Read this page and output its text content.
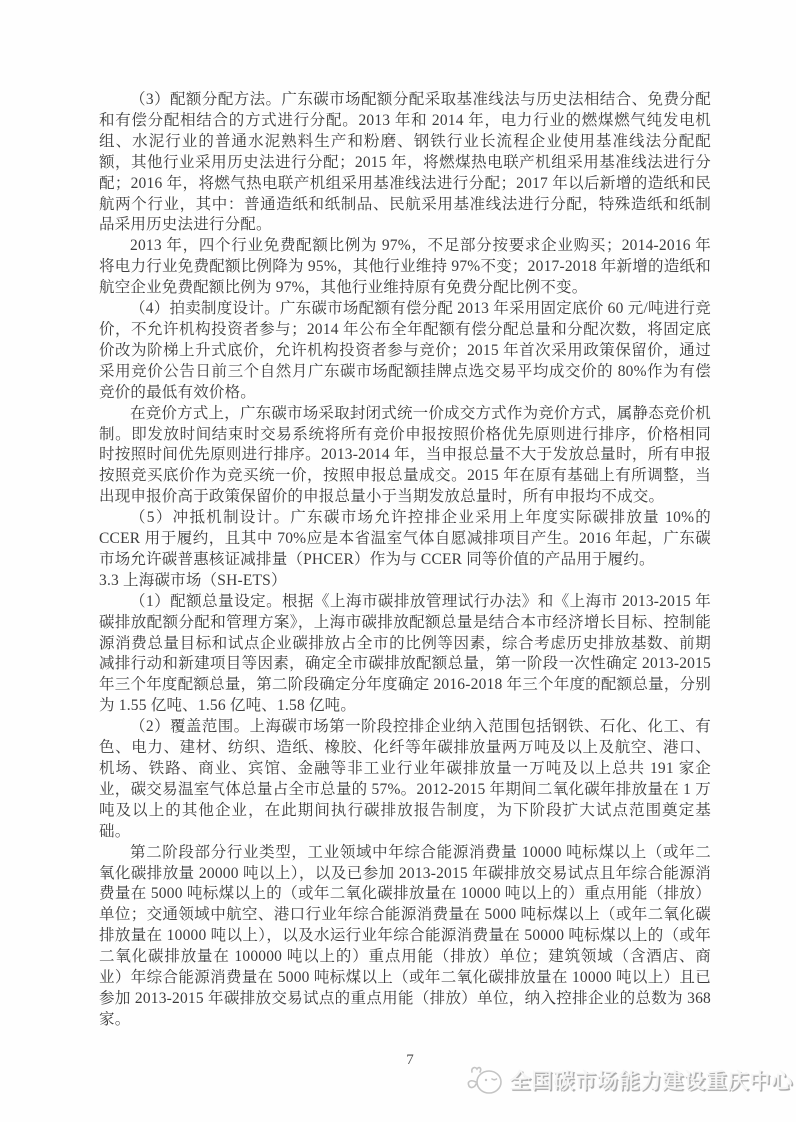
（3）配额分配方法。广东碳市场配额分配采取基准线法与历史法相结合、免费分配和有偿分配相结合的方式进行分配。2013 年和 2014 年，电力行业的燃煤燃气纯发电机组、水泥行业的普通水泥熟料生产和粉磨、钢铁行业长流程企业使用基准线法分配配额，其他行业采用历史法进行分配；2015 年，将燃煤热电联产机组采用基准线法进行分配；2016 年，将燃气热电联产机组采用基准线法进行分配；2017 年以后新增的造纸和民航两个行业，其中：普通造纸和纸制品、民航采用基准线法进行分配，特殊造纸和纸制品采用历史法进行分配。

2013 年，四个行业免费配额比例为 97%，不足部分按要求企业购买；2014-2016 年将电力行业免费配额比例降为 95%，其他行业维持 97%不变；2017-2018 年新增的造纸和航空企业免费配额比例为 97%，其他行业维持原有免费分配比例不变。

（4）拍卖制度设计。广东碳市场配额有偿分配 2013 年采用固定底价 60 元/吨进行竞价，不允许机构投资者参与；2014 年公布全年配额有偿分配总量和分配次数，将固定底价改为阶梯上升式底价，允许机构投资者参与竞价；2015 年首次采用政策保留价，通过采用竞价公告日前三个自然月广东碳市场配额挂牌点选交易平均成交价的 80%作为有偿竞价的最低有效价格。

在竞价方式上，广东碳市场采取封闭式统一价成交方式作为竞价方式，属静态竞价机制。即发放时间结束时交易系统将所有竞价申报按照价格优先原则进行排序，价格相同时按照时间优先原则进行排序。2013-2014 年，当申报总量不大于发放总量时，所有申报按照竞买底价作为竞买统一价，按照申报总量成交。2015 年在原有基础上有所调整，当出现申报价高于政策保留价的申报总量小于当期发放总量时，所有申报均不成交。

（5）冲抵机制设计。广东碳市场允许控排企业采用上年度实际碳排放量 10%的 CCER 用于履约，且其中 70%应是本省温室气体自愿减排项目产生。2016 年起，广东碳市场允许碳普惠核证减排量（PHCER）作为与 CCER 同等价值的产品用于履约。

3.3 上海碳市场（SH-ETS）

（1）配额总量设定。根据《上海市碳排放管理试行办法》和《上海市 2013-2015 年碳排放配额分配和管理方案》，上海市碳排放配额总量是结合本市经济增长目标、控制能源消费总量目标和试点企业碳排放占全市的比例等因素，综合考虑历史排放基数、前期减排行动和新建项目等因素，确定全市碳排放配额总量，第一阶段一次性确定 2013-2015 年三个年度配额总量，第二阶段确定分年度确定 2016-2018 年三个年度的配额总量，分别为 1.55 亿吨、1.56 亿吨、1.58 亿吨。

（2）覆盖范围。上海碳市场第一阶段控排企业纳入范围包括钢铁、石化、化工、有色、电力、建材、纺织、造纸、橡胶、化纤等年碳排放量两万吨及以上及航空、港口、机场、铁路、商业、宾馆、金融等非工业行业年碳排放量一万吨及以上总共 191 家企业，碳交易温室气体总量占全市总量的 57%。2012-2015 年期间二氧化碳年排放量在 1 万吨及以上的其他企业，在此期间执行碳排放报告制度，为下阶段扩大试点范围奠定基础。

第二阶段部分行业类型，工业领域中年综合能源消费量 10000 吨标煤以上（或年二氧化碳排放量 20000 吨以上），以及已参加 2013-2015 年碳排放交易试点且年综合能源消费量在 5000 吨标煤以上的（或年二氧化碳排放量在 10000 吨以上的）重点用能（排放）单位；交通领域中航空、港口行业年综合能源消费量在 5000 吨标煤以上（或年二氧化碳排放量在 10000 吨以上），以及水运行业年综合能源消费量在 50000 吨标煤以上的（或年二氧化碳排放量在 100000 吨以上的）重点用能（排放）单位；建筑领域（含酒店、商业）年综合能源消费量在 5000 吨标煤以上（或年二氧化碳排放量在 10000 吨以上）且已参加 2013-2015 年碳排放交易试点的重点用能（排放）单位，纳入控排企业的总数为 368 家。

7
全国碳市场能力建设重庆中心
